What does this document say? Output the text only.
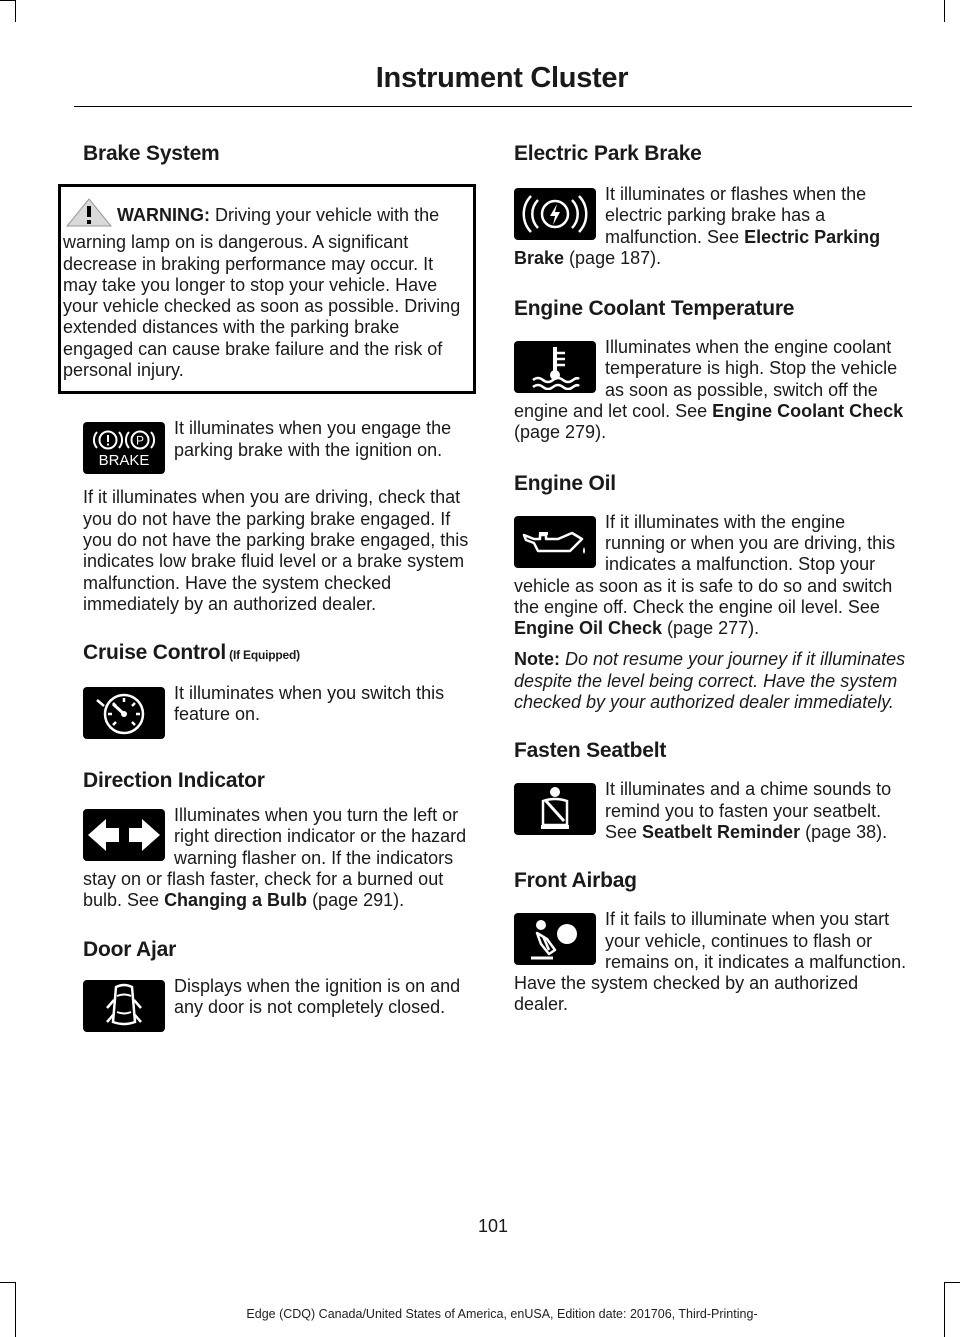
Instrument Cluster
Brake System

WARNING: Driving your vehicle with the warning lamp on is dangerous. A significant decrease in braking performance may occur. It may take you longer to stop your vehicle. Have your vehicle checked as soon as possible. Driving extended distances with the parking brake engaged can cause brake failure and the risk of personal injury.

P
BRAKE

It illuminates when you engage the parking brake with the ignition on.

If it illuminates when you are driving, check that you do not have the parking brake engaged. If you do not have the parking brake engaged, this indicates low brake fluid level or a brake system malfunction. Have the system checked immediately by an authorized dealer.

Cruise Control (If Equipped)

It illuminates when you switch this feature on.

Direction Indicator

Illuminates when you turn the left or right direction indicator or the hazard warning flasher on. If the indicators stay on or flash faster, check for a burned out bulb. See Changing a Bulb (page 291).

Door Ajar

Displays when the ignition is on and any door is not completely closed.

Electric Park Brake

It illuminates or flashes when the electric parking brake has a malfunction. See Electric Parking Brake (page 187).

Engine Coolant Temperature

Illuminates when the engine coolant temperature is high. Stop the vehicle as soon as possible, switch off the engine and let cool. See Engine Coolant Check (page 279).

Engine Oil

If it illuminates with the engine running or when you are driving, this indicates a malfunction. Stop your vehicle as soon as it is safe to do so and switch the engine off. Check the engine oil level. See Engine Oil Check (page 277).

Note: Do not resume your journey if it illuminates despite the level being correct. Have the system checked by your authorized dealer immediately.

Fasten Seatbelt

It illuminates and a chime sounds to remind you to fasten your seatbelt. See Seatbelt Reminder (page 38).

Front Airbag

If it fails to illuminate when you start your vehicle, continues to flash or remains on, it indicates a malfunction. Have the system checked by an authorized dealer.

101
Edge (CDQ) Canada/United States of America, enUSA, Edition date: 201706, Third-Printing-
